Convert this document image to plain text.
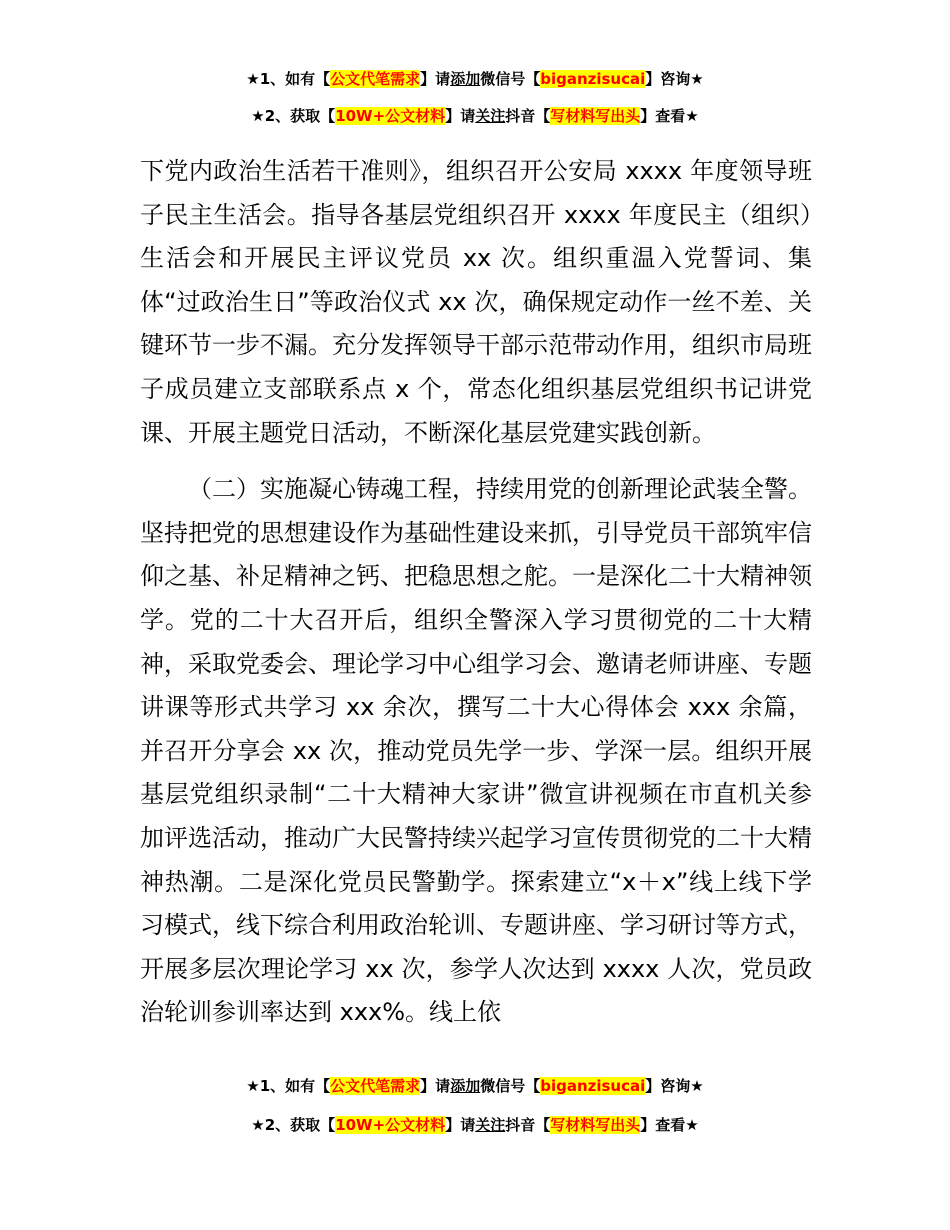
★1、如有【公文代笔需求】请添加微信号【biganzisucai】咨询★
★2、获取【10W+公文材料】请关注抖音【写材料写出头】查看★

下党内政治生活若干准则》，组织召开公安局 xxxx 年度领导班子民主生活会。指导各基层党组织召开 xxxx 年度民主（组织）生活会和开展民主评议党员 xx 次。组织重温入党誓词、集体“过政治生日”等政治仪式 xx 次，确保规定动作一丝不差、关键环节一步不漏。充分发挥领导干部示范带动作用，组织市局班子成员建立支部联系点 x 个，常态化组织基层党组织书记讲党课、开展主题党日活动，不断深化基层党建实践创新。

（二）实施凝心铸魂工程，持续用党的创新理论武装全警。坚持把党的思想建设作为基础性建设来抓，引导党员干部筑牢信仰之基、补足精神之钙、把稳思想之舵。一是深化二十大精神领学。党的二十大召开后，组织全警深入学习贯彻党的二十大精神，采取党委会、理论学习中心组学习会、邀请老师讲座、专题讲课等形式共学习 xx 余次，撰写二十大心得体会 xxx 余篇，并召开分享会 xx 次，推动党员先学一步、学深一层。组织开展基层党组织录制“二十大精神大家讲”微宣讲视频在市直机关参加评选活动，推动广大民警持续兴起学习宣传贯彻党的二十大精神热潮。二是深化党员民警勤学。探索建立“x＋x”线上线下学习模式，线下综合利用政治轮训、专题讲座、学习研讨等方式，开展多层次理论学习 xx 次，参学人次达到 xxxx 人次，党员政治轮训参训率达到 xxx%。线上依

★1、如有【公文代笔需求】请添加微信号【biganzisucai】咨询★
★2、获取【10W+公文材料】请关注抖音【写材料写出头】查看★
